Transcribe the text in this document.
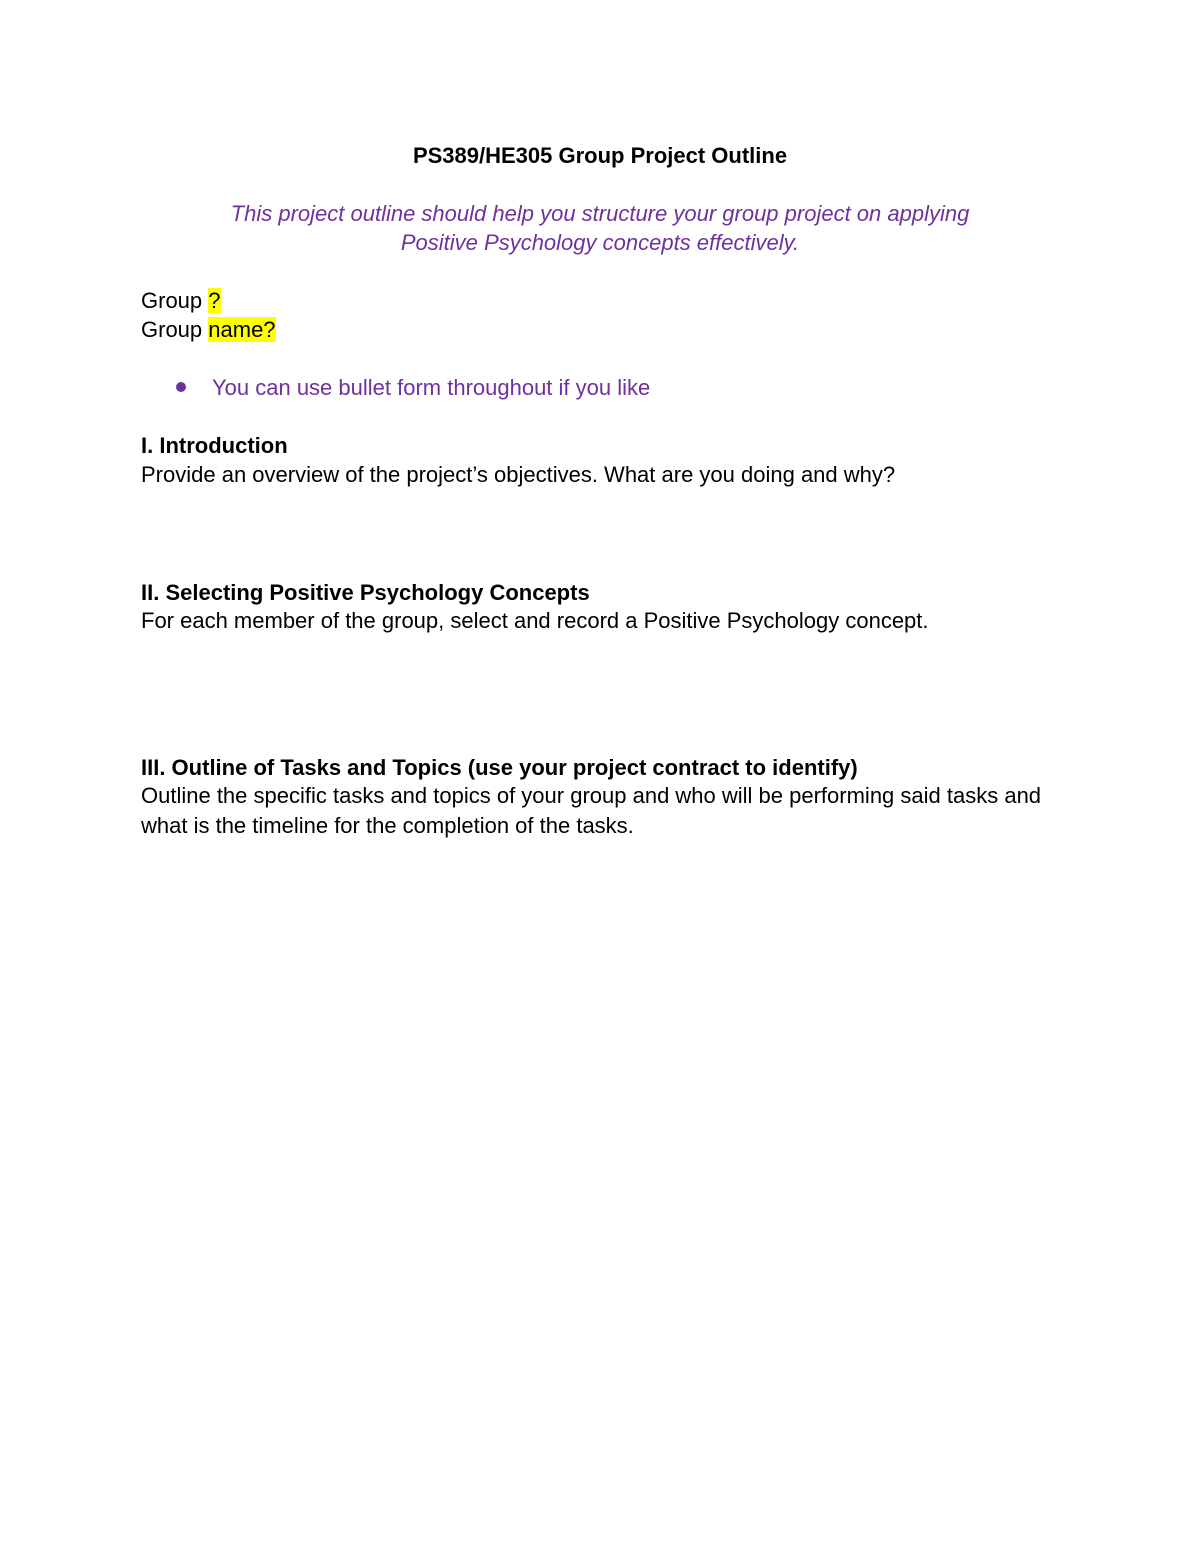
PS389/HE305 Group Project Outline
This project outline should help you structure your group project on applying
Positive Psychology concepts effectively.
Group ?
Group name?
You can use bullet form throughout if you like
I. Introduction
Provide an overview of the project’s objectives. What are you doing and why?
II. Selecting Positive Psychology Concepts
For each member of the group, select and record a Positive Psychology concept.
III. Outline of Tasks and Topics (use your project contract to identify)
Outline the specific tasks and topics of your group and who will be performing said tasks and what is the timeline for the completion of the tasks.
